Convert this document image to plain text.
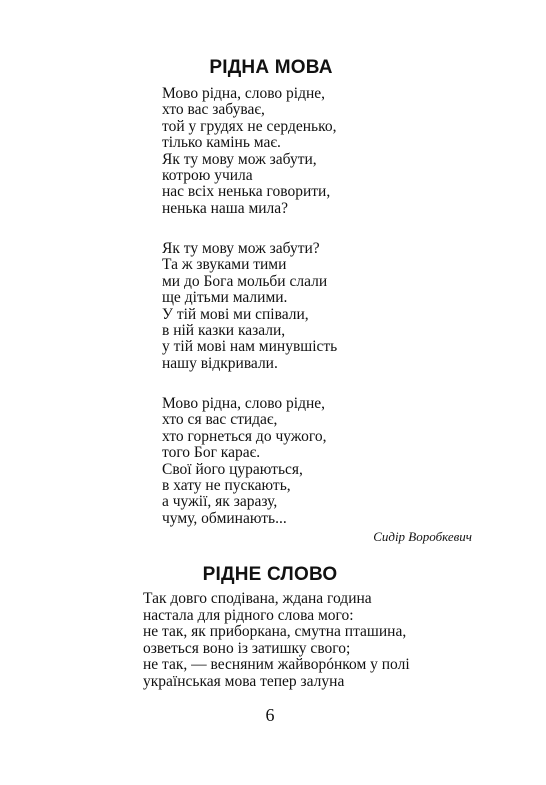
РІДНА МОВА
Мово рідна, слово рідне,
хто вас забуває,
той у грудях не серденько,
тілько камінь має.
Як ту мову мож забути,
котрою учила
нас всіх ненька говорити,
ненька наша мила?
Як ту мову мож забути?
Та ж звуками тими
ми до Бога мольби слали
ще дітьми малими.
У тій мові ми співали,
в ній казки казали,
у тій мові нам минувшість
нашу відкривали.
Мово рідна, слово рідне,
хто ся вас стидає,
хто горнеться до чужого,
того Бог карає.
Свої його цураються,
в хату не пускають,
а чужії, як заразу,
чуму, обминають...
Сидір Воробкевич
РІДНЕ СЛОВО
Так довго сподівана, ждана година
настала для рідного слова мого:
не так, як приборкана, смутна пташина,
озветься воно із затишку свого;
не так, — весняним жайворóнком у полі
українськая мова тепер залуна
6
